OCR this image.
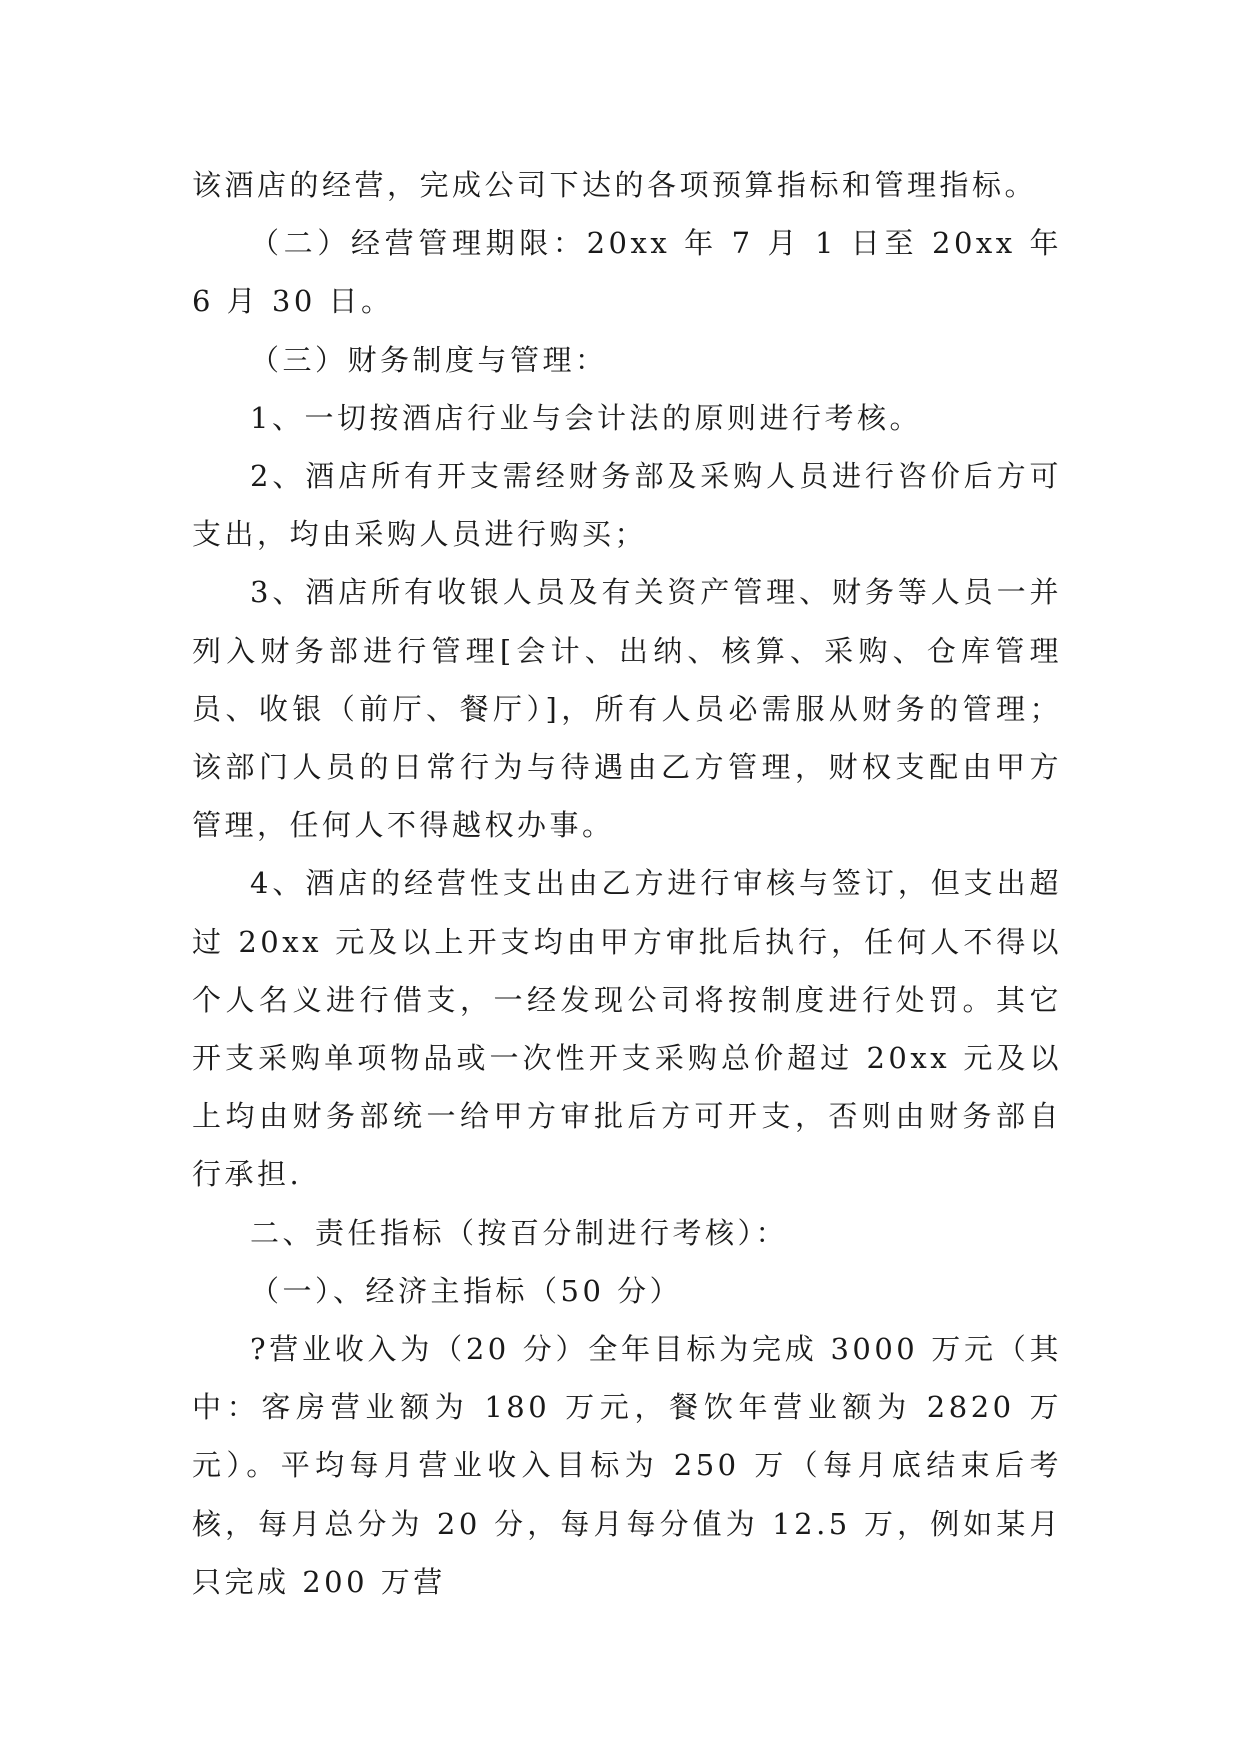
该酒店的经营，完成公司下达的各项预算指标和管理指标。

（二）经营管理期限：20xx 年 7 月 1 日至 20xx 年 6 月 30 日。

（三）财务制度与管理：

1、一切按酒店行业与会计法的原则进行考核。

2、酒店所有开支需经财务部及采购人员进行咨价后方可支出，均由采购人员进行购买；

3、酒店所有收银人员及有关资产管理、财务等人员一并列入财务部进行管理[会计、出纳、核算、采购、仓库管理员、收银（前厅、餐厅）]，所有人员必需服从财务的管理；该部门人员的日常行为与待遇由乙方管理，财权支配由甲方管理，任何人不得越权办事。

4、酒店的经营性支出由乙方进行审核与签订，但支出超过 20xx 元及以上开支均由甲方审批后执行，任何人不得以个人名义进行借支，一经发现公司将按制度进行处罚。其它开支采购单项物品或一次性开支采购总价超过 20xx 元及以上均由财务部统一给甲方审批后方可开支，否则由财务部自行承担.

二、责任指标（按百分制进行考核）：

（一）、经济主指标（50 分）

?营业收入为（20 分）全年目标为完成 3000 万元（其中：客房营业额为 180 万元，餐饮年营业额为 2820 万元）。平均每月营业收入目标为 250 万（每月底结束后考核，每月总分为 20 分，每月每分值为 12.5 万，例如某月只完成 200 万营
